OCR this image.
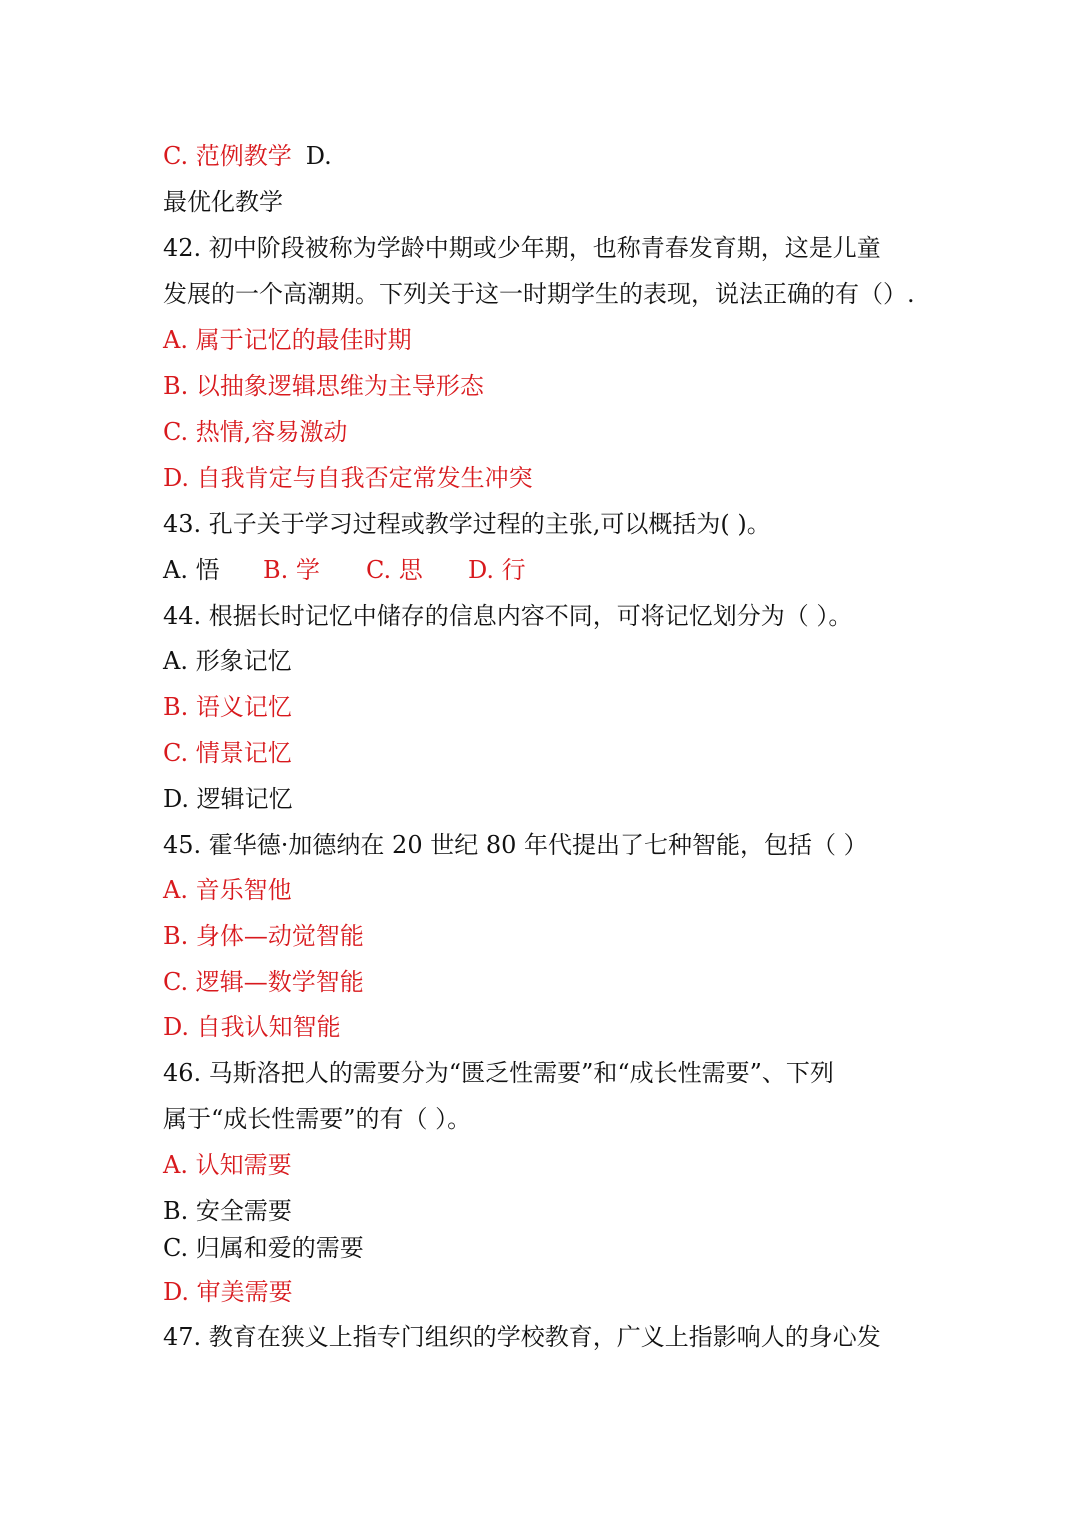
C. 范例教学 D.

最优化教学

42. 初中阶段被称为学龄中期或少年期，也称青春发育期，这是儿童

发展的一个高潮期。下列关于这一时期学生的表现，说法正确的有（）.

A. 属于记忆的最佳时期

B. 以抽象逻辑思维为主导形态

C. 热情,容易激动

D. 自我肯定与自我否定常发生冲突

43. 孔子关于学习过程或教学过程的主张,可以概括为( )。

A. 悟 B. 学 C. 思 D. 行

44. 根据长时记忆中储存的信息内容不同，可将记忆划分为（ ）。

A. 形象记忆

B. 语义记忆

C. 情景记忆

D. 逻辑记忆

45. 霍华德·加德纳在 20 世纪 80 年代提出了七种智能，包括（ ）

A. 音乐智他

B. 身体—动觉智能

C. 逻辑—数学智能

D. 自我认知智能

46. 马斯洛把人的需要分为“匮乏性需要”和“成长性需要”、下列

属于“成长性需要”的有（ ）。

A. 认知需要

B. 安全需要

C. 归属和爱的需要

D. 审美需要

47. 教育在狭义上指专门组织的学校教育，广义上指影响人的身心发
